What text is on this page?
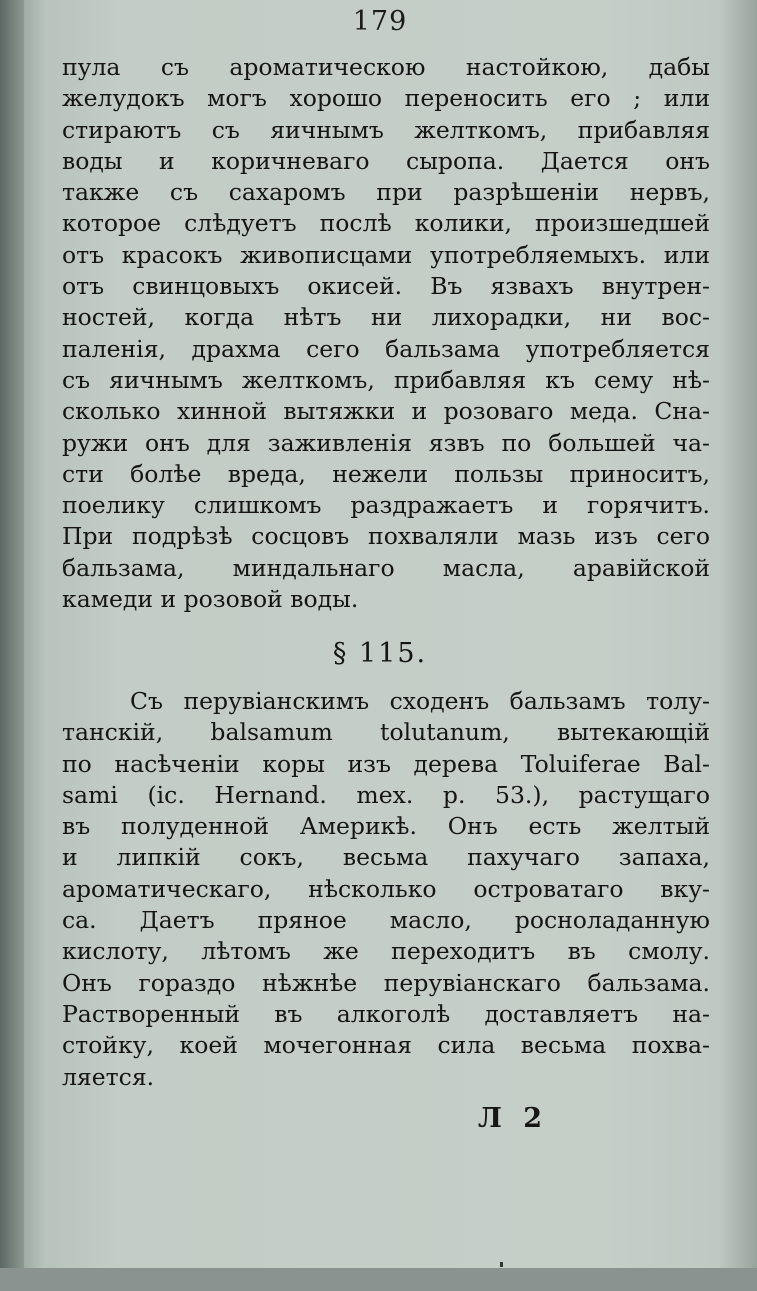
179
пула съ ароматическою настойкою, дабы
желудокъ могъ хорошо переносить его ; или
стираютъ съ яичнымъ желткомъ, прибавляя
воды и коричневаго сыропа. Дается онъ
также съ сахаромъ при разрѣшеніи нервъ,
которое слѣдуетъ послѣ колики, произшедшей
отъ красокъ живописцами употребляемыхъ. или
отъ свинцовыхъ окисей. Въ язвахъ внутрен-
ностей, когда нѣтъ ни лихорадки, ни вос-
паленія, драхма сего бальзама употребляется
съ яичнымъ желткомъ, прибавляя къ сему нѣ-
сколько хинной вытяжки и розоваго меда. Сна-
ружи онъ для заживленія язвъ по большей ча-
сти болѣе вреда, нежели пользы приноситъ,
поелику слишкомъ раздражаетъ и горячитъ.
При подрѣзѣ сосцовъ похваляли мазь изъ сего
бальзама, миндальнаго масла, аравійской
камеди и розовой воды.
§ 115.
Съ перувіанскимъ сходенъ бальзамъ толу-
танскій, balsamum tolutanum, вытекающій
по насѣченіи коры изъ дерева Toluiferae Bal-
sami (ic. Hernand. mex. p. 53.), растущаго
въ полуденной Америкѣ. Онъ есть желтый
и липкій сокъ, весьма пахучаго запаха,
ароматическаго, нѣсколько островатаго вку-
са. Даетъ пряное масло, росноладанную
кислоту, лѣтомъ же переходитъ въ смолу.
Онъ гораздо нѣжнѣе перувіанскаго бальзама.
Растворенный въ алкоголѣ доставляетъ на-
стойку, коей мочегонная сила весьма похва-
ляется.
Л 2
